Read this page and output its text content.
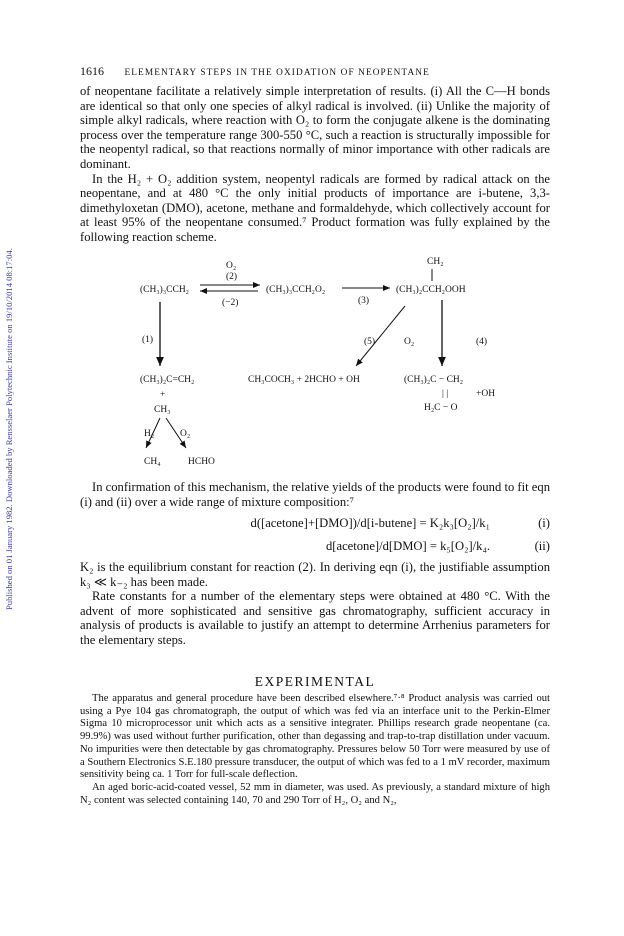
Published on 01 January 1982. Downloaded by Rensselaer Polytechnic Institute on 19/10/2014 08:17:04.
1616 ELEMENTARY STEPS IN THE OXIDATION OF NEOPENTANE

of neopentane facilitate a relatively simple interpretation of results. (i) All the C—H bonds are identical so that only one species of alkyl radical is involved. (ii) Unlike the majority of simple alkyl radicals, where reaction with O₂ to form the conjugate alkene is the dominating process over the temperature range 300-550 °C, such a reaction is structurally impossible for the neopentyl radical, so that reactions normally of minor importance with other radicals are dominant.

In the H₂ + O₂ addition system, neopentyl radicals are formed by radical attack on the neopentane, and at 480 °C the only initial products of importance are i-butene, 3,3-dimethyloxetan (DMO), acetone, methane and formaldehyde, which collectively account for at least 95% of the neopentane consumed.⁷ Product formation was fully explained by the following reaction scheme.

O₂
(2)
(CH₃)₃CCH₂
(−2)
(CH₃)₃CCH₂O₂
(3)
CH₂
(CH₃)₂CCH₂OOH
(1)	(5)	O₂	(4)
(CH₃)₂C=CH₂
+
CH₃
H₂	O₂
CH₄	HCHO
CH₃COCH₃ + 2HCHO + OH	(CH₃)₂C − CH₂
| |	+OH
H₂C − O

In confirmation of this mechanism, the relative yields of the products were found to fit eqn (i) and (ii) over a wide range of mixture composition:⁷

d([acetone]+[DMO])/d[i-butene] = K₂k₃[O₂]/k₁	(i)
d[acetone]/d[DMO] = k₅[O₂]/k₄.	(ii)

K₂ is the equilibrium constant for reaction (2). In deriving eqn (i), the justifiable assumption k₃ ≪ k₋₂ has been made.

Rate constants for a number of the elementary steps were obtained at 480 °C. With the advent of more sophisticated and sensitive gas chromatography, sufficient accuracy in analysis of products is available to justify an attempt to determine Arrhenius parameters for the elementary steps.

EXPERIMENTAL

The apparatus and general procedure have been described elsewhere.⁷·⁸ Product analysis was carried out using a Pye 104 gas chromatograph, the output of which was fed via an interface unit to the Perkin-Elmer Sigma 10 microprocessor unit which acts as a sensitive integrater. Phillips research grade neopentane (ca. 99.9%) was used without further purification, other than degassing and trap-to-trap distillation under vacuum. No impurities were then detectable by gas chromatography. Pressures below 50 Torr were measured by use of a Southern Electronics S.E.180 pressure transducer, the output of which was fed to a 1 mV recorder, maximum sensitivity being ca. 1 Torr for full-scale deflection.

An aged boric-acid-coated vessel, 52 mm in diameter, was used. As previously, a standard mixture of high N₂ content was selected containing 140, 70 and 290 Torr of H₂, O₂ and N₂,
